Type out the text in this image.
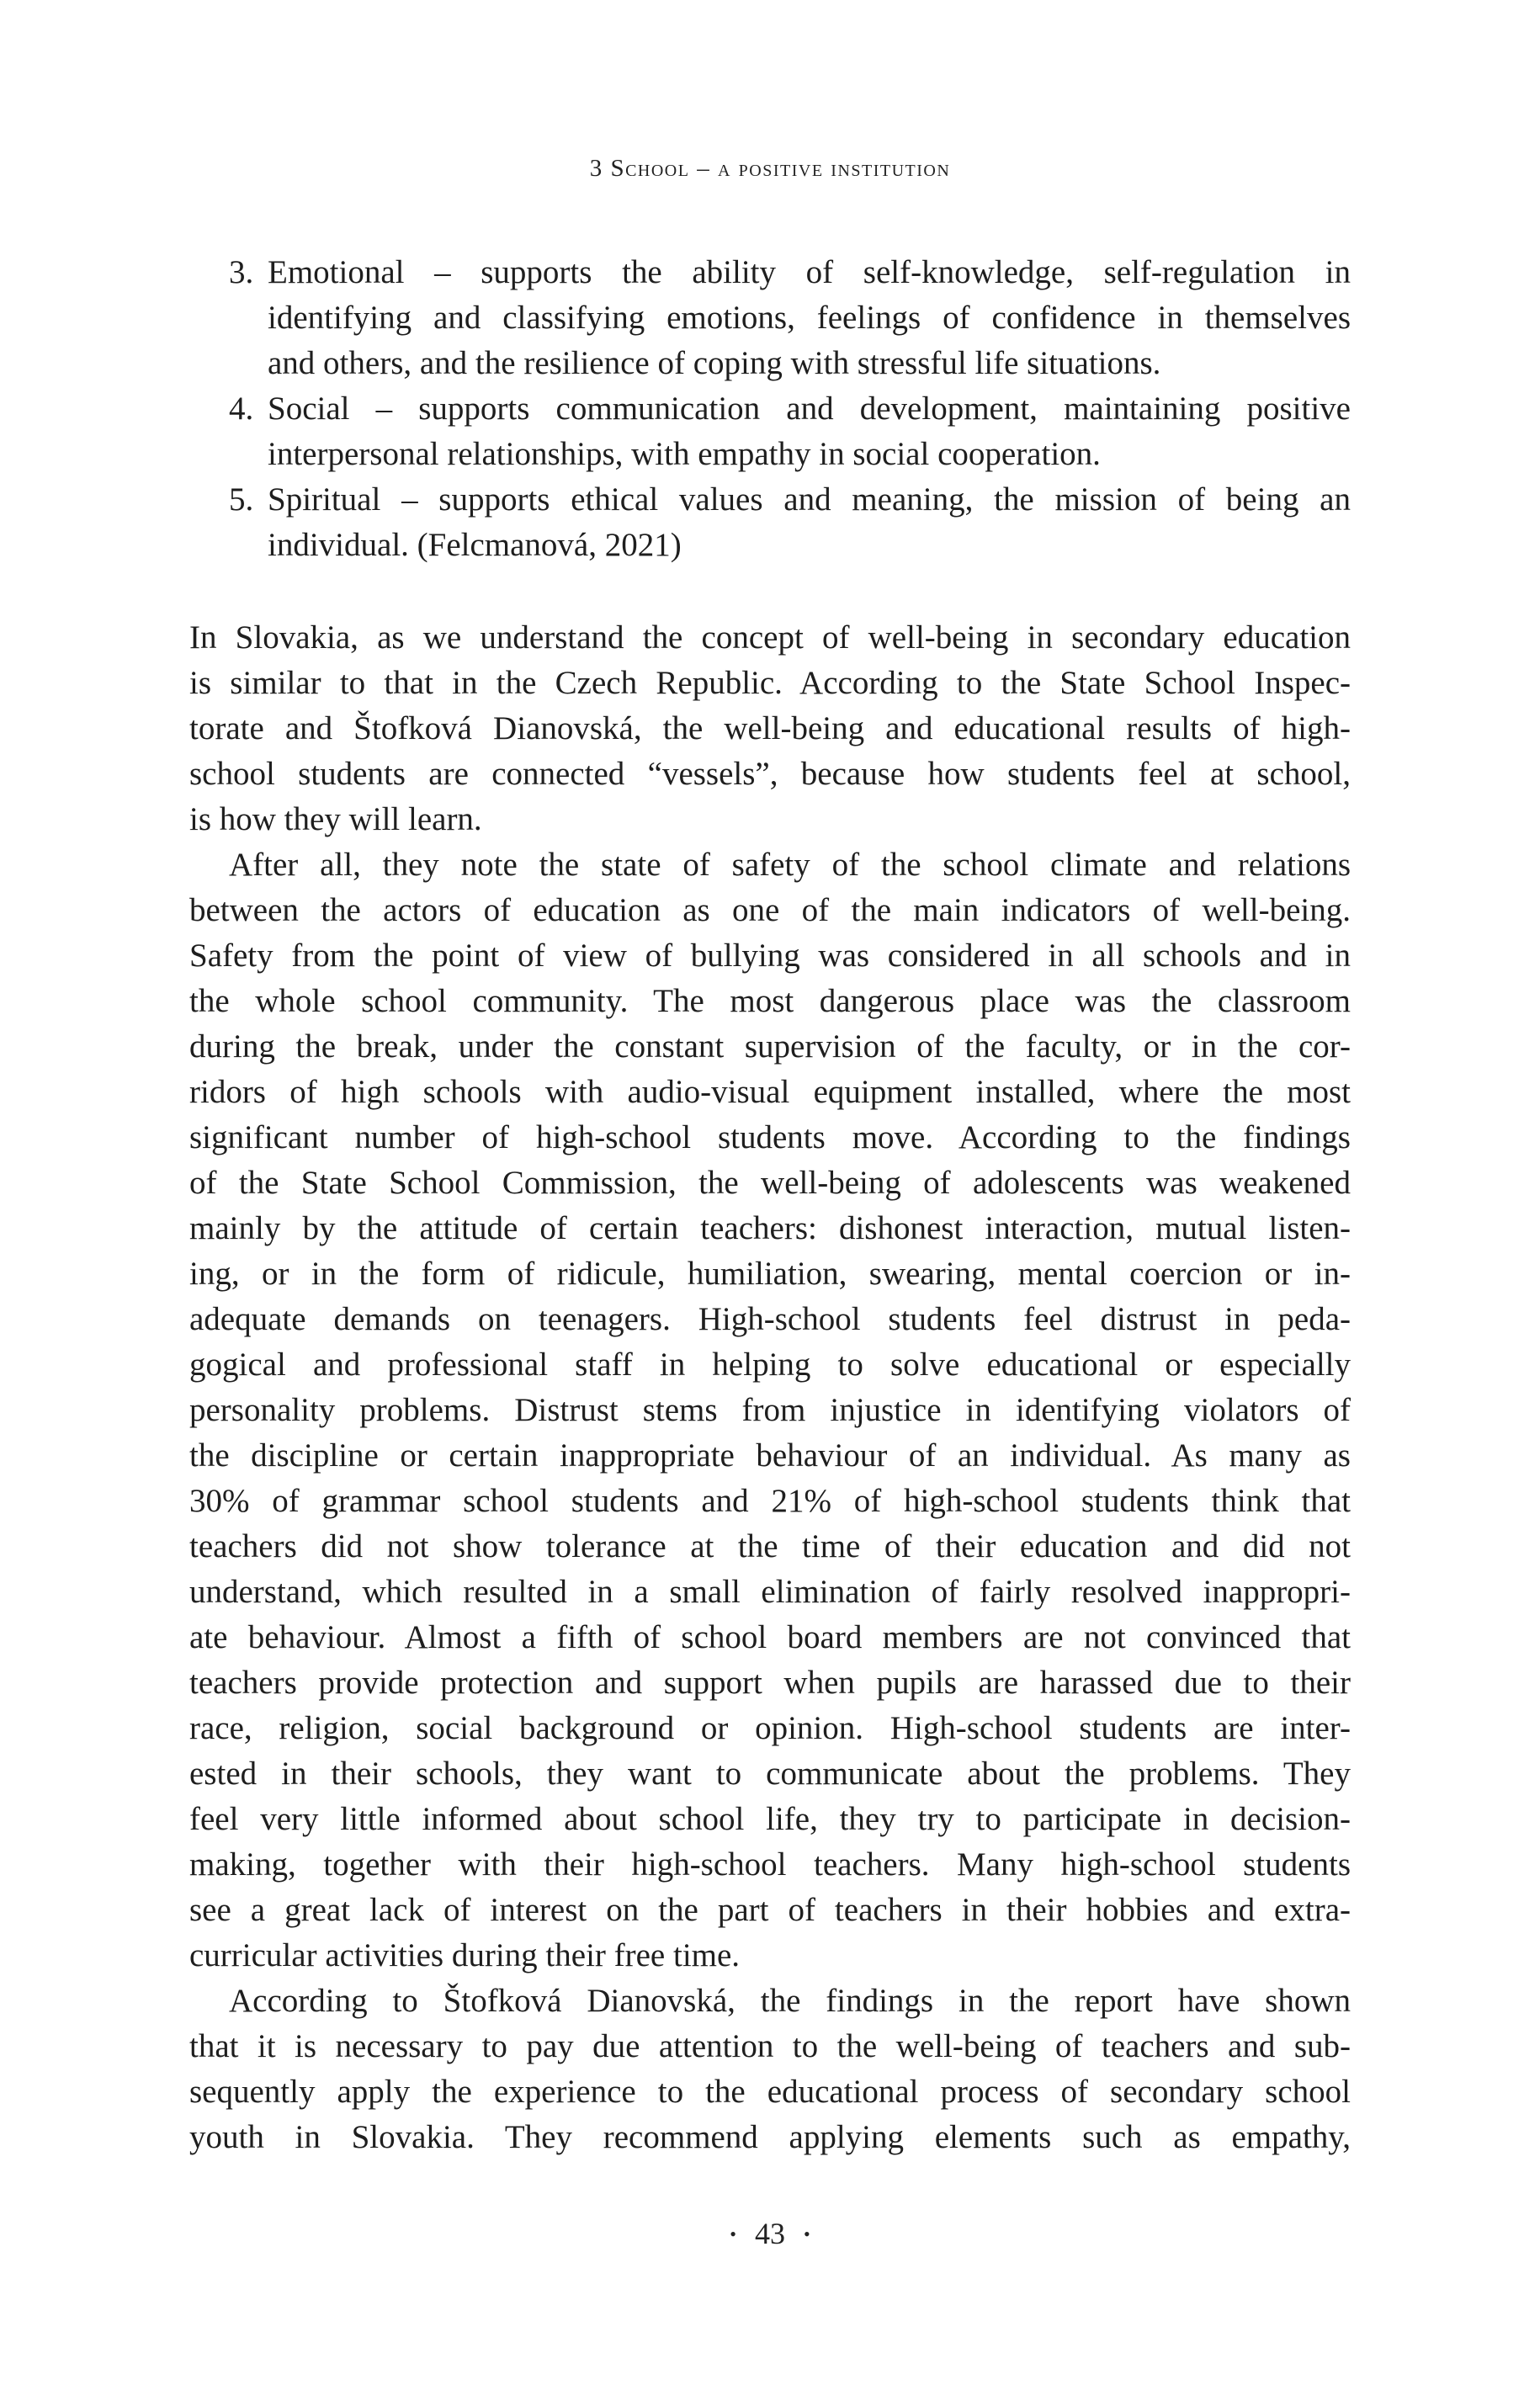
3 School – a positive institution
3. Emotional – supports the ability of self-knowledge, self-regulation in
identifying and classifying emotions, feelings of confidence in themselves
and others, and the resilience of coping with stressful life situations.
4. Social – supports communication and development, maintaining positive
interpersonal relationships, with empathy in social cooperation.
5. Spiritual – supports ethical values and meaning, the mission of being an
individual. (Felcmanová, 2021)
In Slovakia, as we understand the concept of well-being in secondary education
is similar to that in the Czech Republic. According to the State School Inspec-
torate and Štofková Dianovská, the well-being and educational results of high-
school students are connected “vessels”, because how students feel at school,
is how they will learn.
After all, they note the state of safety of the school climate and relations
between the actors of education as one of the main indicators of well-being.
Safety from the point of view of bullying was considered in all schools and in
the whole school community. The most dangerous place was the classroom
during the break, under the constant supervision of the faculty, or in the cor-
ridors of high schools with audio-visual equipment installed, where the most
significant number of high-school students move. According to the findings
of the State School Commission, the well-being of adolescents was weakened
mainly by the attitude of certain teachers: dishonest interaction, mutual listen-
ing, or in the form of ridicule, humiliation, swearing, mental coercion or in-
adequate demands on teenagers. High-school students feel distrust in peda-
gogical and professional staff in helping to solve educational or especially
personality problems. Distrust stems from injustice in identifying violators of
the discipline or certain inappropriate behaviour of an individual. As many as
30% of grammar school students and 21% of high-school students think that
teachers did not show tolerance at the time of their education and did not
understand, which resulted in a small elimination of fairly resolved inappropri-
ate behaviour. Almost a fifth of school board members are not convinced that
teachers provide protection and support when pupils are harassed due to their
race, religion, social background or opinion. High-school students are inter-
ested in their schools, they want to communicate about the problems. They
feel very little informed about school life, they try to participate in decision-
making, together with their high-school teachers. Many high-school students
see a great lack of interest on the part of teachers in their hobbies and extra-
curricular activities during their free time.
According to Štofková Dianovská, the findings in the report have shown
that it is necessary to pay due attention to the well-being of teachers and sub-
sequently apply the experience to the educational process of secondary school
youth in Slovakia. They recommend applying elements such as empathy,
• 43 •
